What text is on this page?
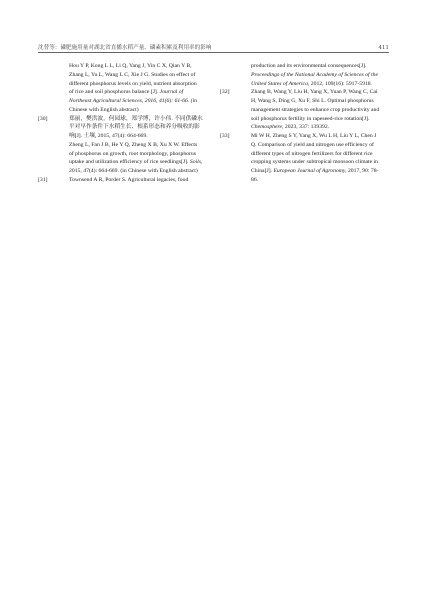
沈替等：磷肥施用量对湖北省直播水稻产量、磷素积累及利用率的影响	411
Hou Y P, Kong L L, Li Q, Yang J, Yin C X, Qian Y B,
Zhang L, Yu L, Wang L C, Xie J G. Studies on effect of
different phosphorus levels on yield, nutrient absorption
of rice and soil phosphorus balance [J]. Journal of
Northeast Agricultural Sciences, 2016, 41(6): 61-66. (in
Chinese with English abstract)
[30]	郑丽，樊洪波，何园球，郑学博，许小伟. 不同供磷水
平对早作条件下水稻生长、根系形态和养分吸收的影
响[J]. 土壤, 2015, 47(4): 664-669.
Zheng L, Fan J B, He Y Q, Zheng X B, Xu X W. Effects
of phosphorus on growth, root morphology, phosphorus
uptake and utilization efficiency of rice seedlings[J]. Soils,
2015, 47(4): 664-669. (in Chinese with English abstract)
[31]	Townsend A R, Porder S. Agricultural legacies, food
production and its environmental consequences[J].
Proceedings of the National Academy of Sciences of the
United States of America, 2012, 109(16): 5917-5918.
[32]	Zhang B, Wang Y, Liu H, Yang X, Yuan P, Wang C, Cai
H, Wang S, Ding G, Xu F, Shi L. Optimal phosphorus
management strategies to enhance crop productivity and
soil phosphorus fertility in rapeseed-rice rotation[J].
Chemosphere, 2023, 337: 139392.
[33]	Mi W H, Zheng S Y, Yang X, Wu L H, Liu Y L, Chen J
Q. Comparison of yield and nitrogen use efficiency of
different types of nitrogen fertilizers for different rice
cropping systems under subtropical monsoon climate in
China[J]. European Journal of Agronomy, 2017, 90: 78-
86.
